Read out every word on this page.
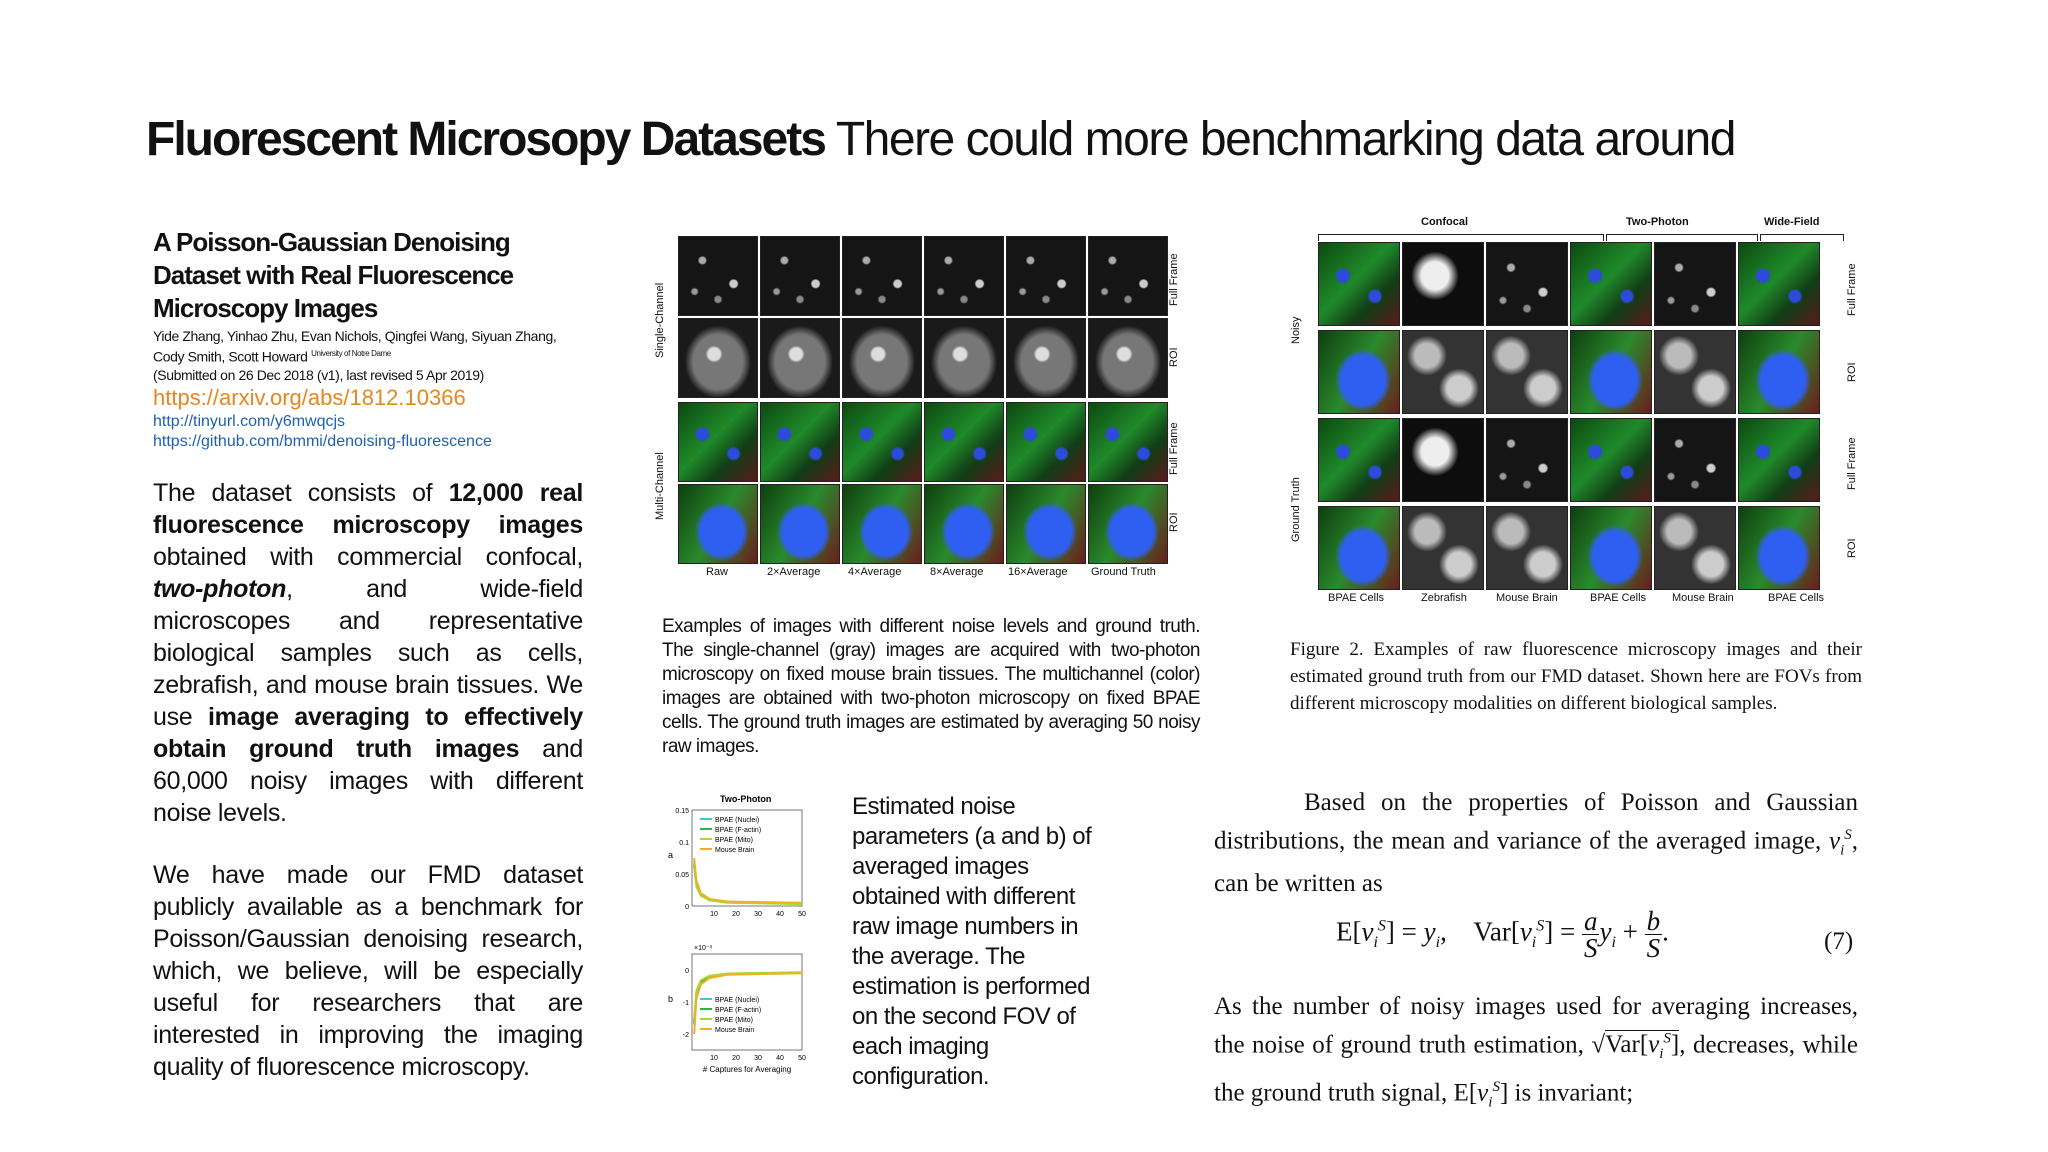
Fluorescent Microsopy Datasets There could more benchmarking data around
A Poisson-Gaussian Denoising Dataset with Real Fluorescence Microscopy Images
Yide Zhang, Yinhao Zhu, Evan Nichols, Qingfei Wang, Siyuan Zhang, Cody Smith, Scott Howard $^{University of Notre Dame}$
(Submitted on 26 Dec 2018 (v1), last revised 5 Apr 2019)
https://arxiv.org/abs/1812.10366
http://tinyurl.com/y6mwqcjs
https://github.com/bmmi/denoising-fluorescence
The dataset consists of 12,000 real fluorescence microscopy images obtained with commercial confocal, two-photon, and wide-field microscopes and representative biological samples such as cells, zebrafish, and mouse brain tissues. We use image averaging to effectively obtain ground truth images and 60,000 noisy images with different noise levels.
We have made our FMD dataset publicly available as a benchmark for Poisson/Gaussian denoising research, which, we believe, will be especially useful for researchers that are interested in improving the imaging quality of fluorescence microscopy.
Single-Channel
Multi-Channel
Full Frame
ROI
Full Frame
ROI
Raw	2×Average	4×Average	8×Average 16×Average Ground Truth
Examples of images with different noise levels and ground truth. The single-channel (gray) images are acquired with two-photon microscopy on fixed mouse brain tissues. The multichannel (color) images are obtained with two-photon microscopy on fixed BPAE cells. The ground truth images are estimated by averaging 50 noisy raw images.
Confocal	Two-Photon	Wide-Field
Noisy
Ground Truth
Full Frame
ROI
Full Frame
ROI
BPAE Cells	Zebrafish	Mouse Brain	BPAE Cells Mouse Brain	BPAE Cells
Figure 2. Examples of raw fluorescence microscopy images and their estimated ground truth from our FMD dataset. Shown here are FOVs from different microscopy modalities on different biological samples.
Two-Photon
a
0.15
0.1
0.05
0
10 20 30 40 50
BPAE (Nuclei)
BPAE (F-actin)
BPAE (Mito)
Mouse Brain
×10⁻³
b
0
-1
-2
10 20 30 40 50
# Captures for Averaging
BPAE (Nuclei)
BPAE (F-actin)
BPAE (Mito)
Mouse Brain
Estimated noise parameters (a and b) of averaged images obtained with different raw image numbers in the average. The estimation is performed on the second FOV of each imaging configuration.
Based on the properties of Poisson and Gaussian distributions, the mean and variance of the averaged image, $v_i^S$, can be written as
$E[v_i^S] = y_i$,    $Var[v_i^S] = \frac{a}{S} y_i + \frac{b}{S}$ .	(7)
As the number of noisy images used for averaging increases, the noise of ground truth estimation, $√Var[v_i^S]$, decreases, while the ground truth signal, $E[v_i^S]$ is invariant;
